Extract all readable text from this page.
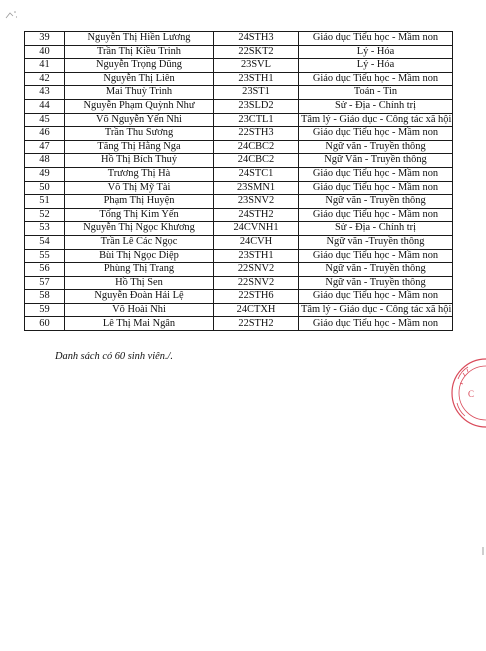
39	Nguyễn Thị Hiền Lương	24STH3	Giáo dục Tiểu học - Mầm non
40	Trần Thị Kiều Trinh	22SKT2	Lý - Hóa
41	Nguyễn Trọng Dũng	23SVL	Lý - Hóa
42	Nguyễn Thị Liên	23STH1	Giáo dục Tiểu học - Mầm non
43	Mai Thuỳ Trinh	23ST1	Toán - Tin
44	Nguyễn Phạm Quỳnh Như	23SLD2	Sử - Địa - Chính trị
45	Võ Nguyễn Yến Nhi	23CTL1	Tâm lý - Giáo dục - Công tác xã hội
46	Trần Thu Sương	22STH3	Giáo dục Tiểu học - Mầm non
47	Tăng Thị Hằng Nga	24CBC2	Ngữ văn - Truyền thông
48	Hồ Thị Bích Thuỷ	24CBC2	Ngữ Văn - Truyền thông
49	Trương Thị Hà	24STC1	Giáo dục Tiểu học - Mầm non
50	Võ Thị Mỹ Tài	23SMN1	Giáo dục Tiểu học - Mầm non
51	Phạm Thị Huyện	23SNV2	Ngữ văn - Truyền thông
52	Tống Thị Kim Yến	24STH2	Giáo dục Tiểu học - Mầm non
53	Nguyễn Thị Ngọc Khương	24CVNH1	Sử - Địa - Chính trị
54	Trần Lê Các Ngọc	24CVH	Ngữ văn -Truyền thông
55	Bùi Thị Ngọc Diệp	23STH1	Giáo dục Tiểu học - Mầm non
56	Phùng Thị Trang	22SNV2	Ngữ văn - Truyền thông
57	Hồ Thị Sen	22SNV2	Ngữ văn - Truyền thông
58	Nguyễn Đoàn Hải Lệ	22STH6	Giáo dục Tiểu học - Mầm non
59	Võ Hoài Nhi	24CTXH	Tâm lý - Giáo dục - Công tác xã hội
60	Lê Thị Mai Ngân	22STH2	Giáo dục Tiểu học - Mầm non
Danh sách có 60 sinh viên./.
C
